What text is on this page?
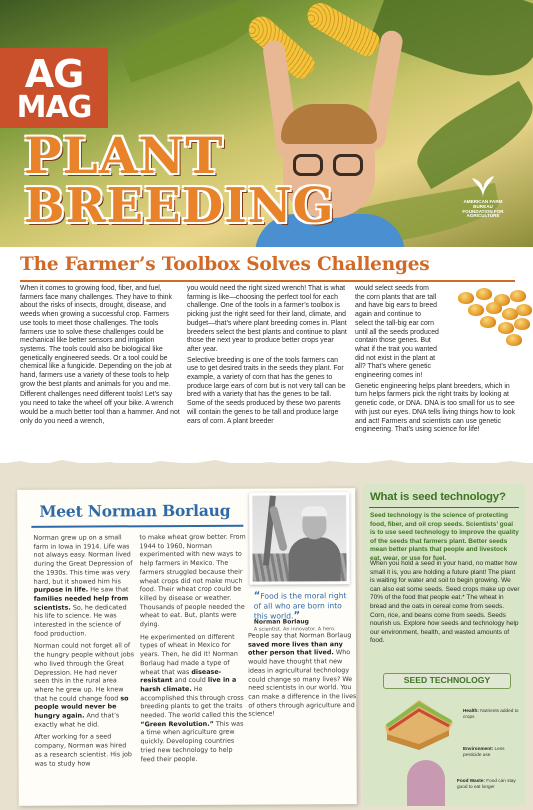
AG
MAG
PLANT
BREEDING	AMERICAN FARM BUREAU
FOUNDATION FOR AGRICULTURE
The Farmer’s Toolbox Solves Challenges

When it comes to growing food, fiber, and fuel, farmers face many challenges. They have to think about the risks of insects, drought, disease, and weeds when growing a successful crop. Farmers use tools to meet those challenges. The tools farmers use to solve these challenges could be mechanical like better sensors and irrigation systems. The tools could also be biological like genetically engineered seeds. Or a tool could be chemical like a fungicide. Depending on the job at hand, farmers use a variety of these tools to help grow the best plants and animals for you and me.

Different challenges need different tools! Let’s say you need to take the wheel off your bike. A wrench would be a much better tool than a hammer. And not only do you need a wrench,

you would need the right sized wrench! That is what farming is like—choosing the perfect tool for each challenge. One of the tools in a farmer’s toolbox is picking just the right seed for their land, climate, and budget—that’s where plant breeding comes in. Plant breeders select the best plants and continue to plant those the next year to produce better crops year after year.

Selective breeding is one of the tools farmers can use to get desired traits in the seeds they plant. For example, a variety of corn that has the genes to produce large ears of corn but is not very tall can be bred with a variety that has the genes to be tall. Some of the seeds produced by these two parents will contain the genes to be tall and produce large ears of corn. A plant breeder

would select seeds from the corn plants that are tall and have big ears to breed again and continue to select the tall-big ear corn until all the seeds produced contain those genes. But what if the trait you wanted did not exist in the plant at all? That’s where genetic engineering comes in!

Genetic engineering helps plant breeders, which in turn helps farmers pick the right traits by looking at genetic code, or DNA. DNA is too small for us to see with just our eyes. DNA tells living things how to look and act! Farmers and scientists can use genetic engineering. That’s using science for life!

Meet Norman Borlaug

Norman grew up on a small farm in Iowa in 1914. Life was not always easy. Norman lived during the Great Depression of the 1930s. This time was very hard, but it showed him his purpose in life. He saw that families needed help from scientists. So, he dedicated his life to science. He was interested in the science of food production.

Norman could not forget all of the hungry people without jobs who lived through the Great Depression. He had never seen this in the rural area where he grew up. He knew that he could change food so people would never be hungry again. And that’s exactly what he did.

After working for a seed company, Norman was hired as a research scientist. His job was to study how

to make wheat grow better. From 1944 to 1960, Norman experimented with new ways to help farmers in Mexico. The farmers struggled because their wheat crops did not make much food. Their wheat crop could be killed by disease or weather. Thousands of people needed the wheat to eat. But, plants were dying.

He experimented on different types of wheat in Mexico for years. Then, he did it! Norman Borlaug had made a type of wheat that was disease-resistant and could live in a harsh climate. He accomplished this through cross breeding plants to get the traits needed. The world called this the “Green Revolution.” This was a time when agriculture grew quickly. Developing countries tried new technology to help feed their people.

“Food is the moral right of all who are born into this world.”
Norman Borlaug
A scientist. An innovator. A hero.

People say that Norman Borlaug saved more lives than any other person that lived. Who would have thought that new ideas in agricultural technology could change so many lives? We need scientists in our world. You can make a difference in the lives of others through agriculture and science!

What is seed technology?
Seed technology is the science of protecting food, fiber, and oil crop seeds. Scientists’ goal is to use seed technology to improve the quality of the seeds that farmers plant. Better seeds mean better plants that people and livestock eat, wear, or use for fuel.

When you hold a seed in your hand, no matter how small it is, you are holding a future plant! The plant is waiting for water and soil to begin growing. We can also eat some seeds. Seed crops make up over 70% of the food that people eat.* The wheat in bread and the oats in cereal come from seeds. Corn, rice, and beans come from seeds. Seeds nourish us. Explore how seeds and technology help our environment, health, and wasted amounts of food.

SEED TECHNOLOGY
Health: Nutrients added to crops
Environment: Less pesticide use
Food Waste: Food can stay good to eat longer
